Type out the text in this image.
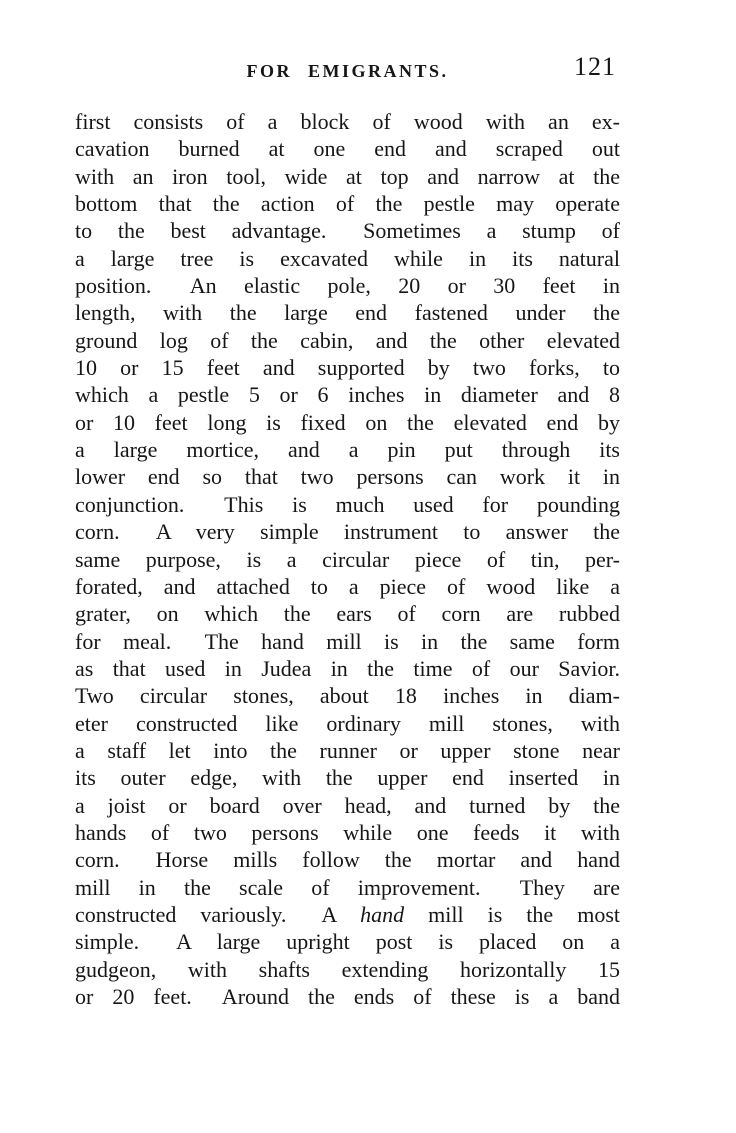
FOR EMIGRANTS.	121
first consists of a block of wood with an ex-
cavation burned at one end and scraped out
with an iron tool, wide at top and narrow at the
bottom that the action of the pestle may operate
to the best advantage.  Sometimes a stump of
a large tree is excavated while in its natural
position.  An elastic pole, 20 or 30 feet in
length, with the large end fastened under the
ground log of the cabin, and the other elevated
10 or 15 feet and supported by two forks, to
which a pestle 5 or 6 inches in diameter and 8
or 10 feet long is fixed on the elevated end by
a large mortice, and a pin put through its
lower end so that two persons can work it in
conjunction.  This is much used for pounding
corn.  A very simple instrument to answer the
same purpose, is a circular piece of tin, per-
forated, and attached to a piece of wood like a
grater, on which the ears of corn are rubbed
for meal.  The hand mill is in the same form
as that used in Judea in the time of our Savior.
Two circular stones, about 18 inches in diam-
eter constructed like ordinary mill stones, with
a staff let into the runner or upper stone near
its outer edge, with the upper end inserted in
a joist or board over head, and turned by the
hands of two persons while one feeds it with
corn.  Horse mills follow the mortar and hand
mill in the scale of improvement.  They are
constructed variously.  A hand mill is the most
simple.  A large upright post is placed on a
gudgeon, with shafts extending horizontally 15
or 20 feet.  Around the ends of these is a band
